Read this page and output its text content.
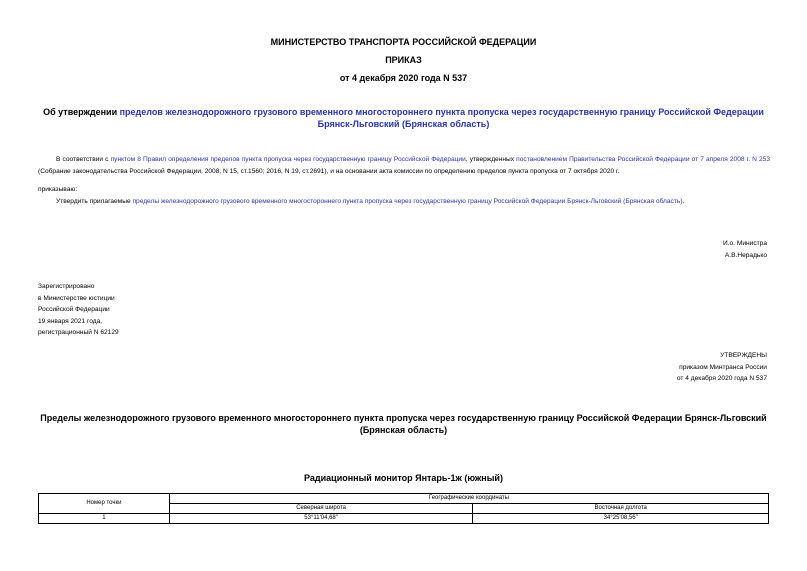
МИНИСТЕРСТВО ТРАНСПОРТА РОССИЙСКОЙ ФЕДЕРАЦИИ
ПРИКАЗ
от 4 декабря 2020 года N 537
Об утверждении пределов железнодорожного грузового временного многостороннего пункта пропуска через государственную границу Российской Федерации Брянск-Льговский (Брянская область)
В соответствии с пунктом 8 Правил определения пределов пункта пропуска через государственную границу Российской Федерации, утвержденных постановлением Правительства Российской Федерации от 7 апреля 2008 г. N 253 (Собрание законодательства Российской Федерации, 2008, N 15, ст.1560; 2016, N 19, ст.2691), и на основании акта комиссии по определению пределов пункта пропуска от 7 октября 2020 г.
приказываю:
Утвердить прилагаемые пределы железнодорожного грузового временного многостороннего пункта пропуска через государственную границу Российской Федерации Брянск-Льговский (Брянская область).
И.о. Министра
А.В.Нерадько
Зарегистрировано
в Министерстве юстиции
Российской Федерации
19 января 2021 года,
регистрационный N 62129
УТВЕРЖДЕНЫ
приказом Минтранса России
от 4 декабря 2020 года N 537
Пределы железнодорожного грузового временного многостороннего пункта пропуска через государственную границу Российской Федерации Брянск-Льговский (Брянская область)
Радиационный монитор Янтарь-1ж (южный)
Номер точки	Географические координаты	
	Северная широта	Восточная долгота
1	53°11'04,68"	34°25'08,56"
